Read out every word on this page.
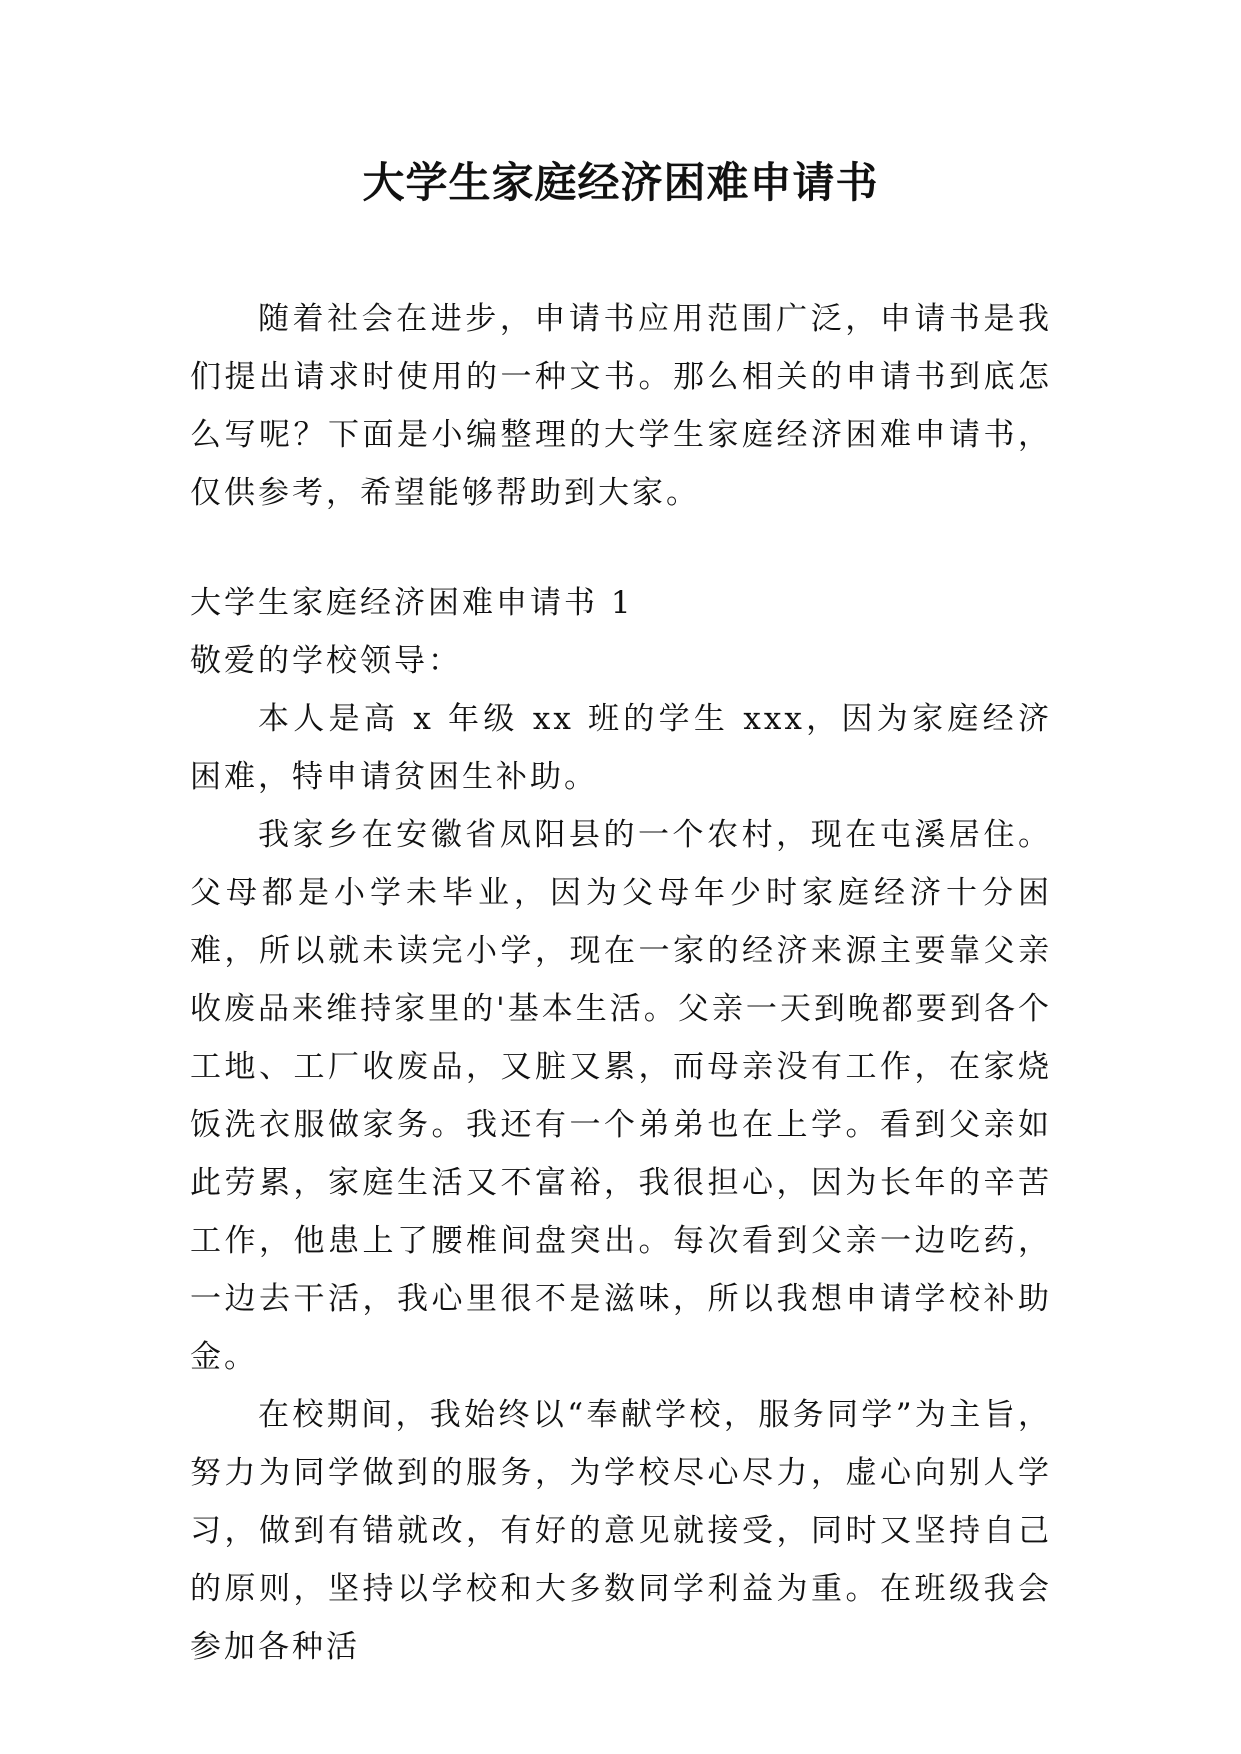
大学生家庭经济困难申请书

随着社会在进步，申请书应用范围广泛，申请书是我们提出请求时使用的一种文书。那么相关的申请书到底怎么写呢？下面是小编整理的大学生家庭经济困难申请书，仅供参考，希望能够帮助到大家。

大学生家庭经济困难申请书 1

敬爱的学校领导：

本人是高 x 年级 xx 班的学生 xxx，因为家庭经济困难，特申请贫困生补助。

我家乡在安徽省凤阳县的一个农村，现在屯溪居住。父母都是小学未毕业，因为父母年少时家庭经济十分困难，所以就未读完小学，现在一家的经济来源主要靠父亲收废品来维持家里的'基本生活。父亲一天到晚都要到各个工地、工厂收废品，又脏又累，而母亲没有工作，在家烧饭洗衣服做家务。我还有一个弟弟也在上学。看到父亲如此劳累，家庭生活又不富裕，我很担心，因为长年的辛苦工作，他患上了腰椎间盘突出。每次看到父亲一边吃药，一边去干活，我心里很不是滋味，所以我想申请学校补助金。

在校期间，我始终以“奉献学校，服务同学”为主旨，努力为同学做到的服务，为学校尽心尽力，虚心向别人学习，做到有错就改，有好的意见就接受，同时又坚持自己的原则，坚持以学校和大多数同学利益为重。在班级我会参加各种活
